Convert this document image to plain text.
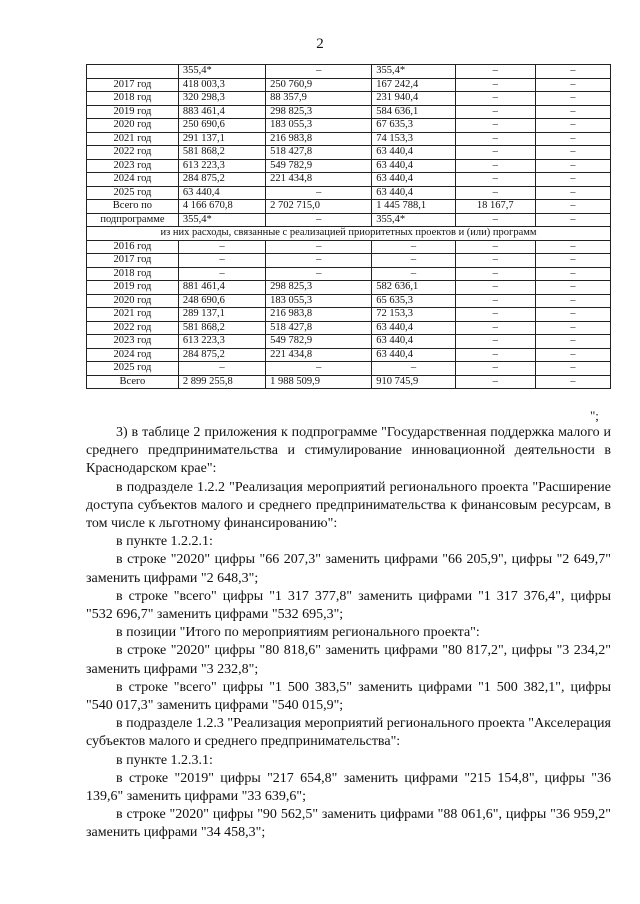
2
	355,4*	–	355,4*	–	–
2017 год	418 003,3	250 760,9	167 242,4	–	–
2018 год	320 298,3	88 357,9	231 940,4	–	–
2019 год	883 461,4	298 825,3	584 636,1	–	–
2020 год	250 690,6	183 055,3	67 635,3	–	–
2021 год	291 137,1	216 983,8	74 153,3	–	–
2022 год	581 868,2	518 427,8	63 440,4	–	–
2023 год	613 223,3	549 782,9	63 440,4	–	–
2024 год	284 875,2	221 434,8	63 440,4	–	–
2025 год	63 440,4	–	63 440,4	–	–
Всего по	4 166 670,8	2 702 715,0	1 445 788,1	18 167,7	–
подпрограмме	355,4*	–	355,4*	–	–
из них расходы, связанные с реализацией приоритетных проектов и (или) программ					
2016 год	–	–	–	–	–
2017 год	–	–	–	–	–
2018 год	–	–	–	–	–
2019 год	881 461,4	298 825,3	582 636,1	–	–
2020 год	248 690,6	183 055,3	65 635,3	–	–
2021 год	289 137,1	216 983,8	72 153,3	–	–
2022 год	581 868,2	518 427,8	63 440,4	–	–
2023 год	613 223,3	549 782,9	63 440,4	–	–
2024 год	284 875,2	221 434,8	63 440,4	–	–
2025 год	–	–	–	–	–
Всего	2 899 255,8	1 988 509,9	910 745,9	–	–
";

3) в таблице 2 приложения к подпрограмме "Государственная поддержка малого и среднего предпринимательства и стимулирование инновационной деятельности в Краснодарском крае":

в подразделе 1.2.2 "Реализация мероприятий регионального проекта "Расширение доступа субъектов малого и среднего предпринимательства к финансовым ресурсам, в том числе к льготному финансированию":

в пункте 1.2.2.1:

в строке "2020" цифры "66 207,3" заменить цифрами "66 205,9", цифры "2 649,7" заменить цифрами "2 648,3";

в строке "всего" цифры "1 317 377,8" заменить цифрами "1 317 376,4", цифры "532 696,7" заменить цифрами "532 695,3";

в позиции "Итого по мероприятиям регионального проекта":

в строке "2020" цифры "80 818,6" заменить цифрами "80 817,2", цифры "3 234,2" заменить цифрами "3 232,8";

в строке "всего" цифры "1 500 383,5" заменить цифрами "1 500 382,1", цифры "540 017,3" заменить цифрами "540 015,9";

в подразделе 1.2.3 "Реализация мероприятий регионального проекта "Акселерация субъектов малого и среднего предпринимательства":

в пункте 1.2.3.1:

в строке "2019" цифры "217 654,8" заменить цифрами "215 154,8", цифры "36 139,6" заменить цифрами "33 639,6";

в строке "2020" цифры "90 562,5" заменить цифрами "88 061,6", цифры "36 959,2" заменить цифрами "34 458,3";
